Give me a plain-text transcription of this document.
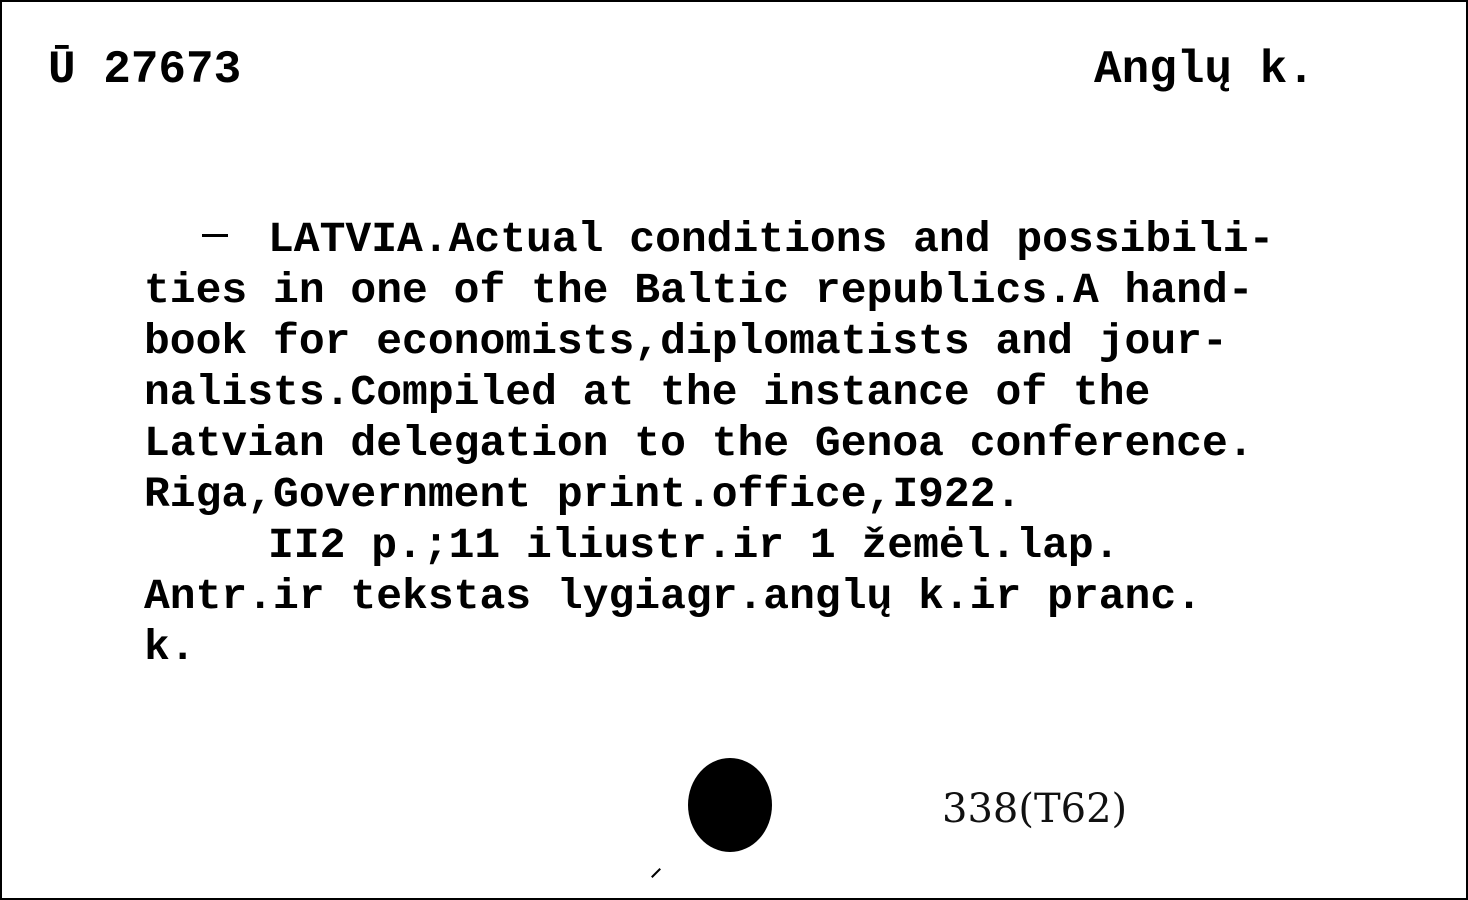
Ū 27673	Anglų k.
LATVIA.Actual conditions and possibili-
ties in one of the Baltic republics.A hand-
book for economists,diplomatists and jour-
nalists.Compiled at the instance of the
Latvian delegation to the Genoa conference.
Riga,Government print.office,I922.
II2 p.;11 iliustr.ir 1 žemėl.lap.
Antr.ir tekstas lygiagr.anglų k.ir pranc.
k.
338(T62)
